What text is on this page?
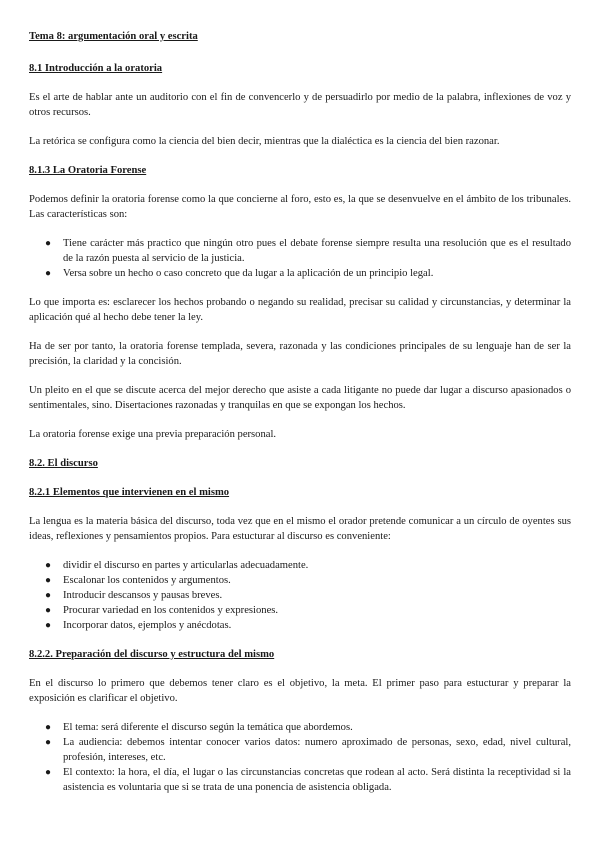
Tema 8: argumentación oral y escrita
8.1 Introducción a la oratoria
Es el arte de hablar ante un auditorio con el fin de convencerlo y de persuadirlo por medio de la palabra, inflexiones de voz y otros recursos.
La retórica se configura como la ciencia del bien decir, mientras que la dialéctica es la ciencia del bien razonar.
8.1.3 La Oratoria Forense
Podemos definir la oratoria forense como la que concierne al foro, esto es, la que se desenvuelve en el ámbito de los tribunales. Las características son:
● Tiene carácter más practico que ningún otro pues el debate forense siempre resulta una resolución que es el resultado de la razón puesta al servicio de la justicia.
● Versa sobre un hecho o caso concreto que da lugar a la aplicación de un principio legal.
Lo que importa es: esclarecer los hechos probando o negando su realidad, precisar su calidad y circunstancias, y determinar la aplicación qué al hecho debe tener la ley.
Ha de ser por tanto, la oratoria forense templada, severa, razonada y las condiciones principales de su lenguaje han de ser la precisión, la claridad y la concisión.
Un pleito en el que se discute acerca del mejor derecho que asiste a cada litigante no puede dar lugar a discurso apasionados o sentimentales, sino. Disertaciones razonadas y tranquilas en que se expongan los hechos.
La oratoria forense exige una previa preparación personal.
8.2. El discurso
8.2.1 Elementos que intervienen en el mismo
La lengua es la materia básica del discurso, toda vez que en el mismo el orador pretende comunicar a un círculo de oyentes sus ideas, reflexiones y pensamientos propios. Para estucturar al discurso es conveniente:
● dividir el discurso en partes y articularlas adecuadamente.
● Escalonar los contenidos y argumentos.
● Introducir descansos y pausas breves.
● Procurar variedad en los contenidos y expresiones.
● Incorporar datos, ejemplos y anécdotas.
8.2.2. Preparación del discurso y estructura del mismo
En el discurso lo primero que debemos tener claro es el objetivo, la meta. El primer paso para estucturar y preparar la exposición es clarificar el objetivo.
● El tema: será diferente el discurso según la temática que abordemos.
● La audiencia: debemos intentar conocer varios datos: numero aproximado de personas, sexo, edad, nivel cultural, profesión, intereses, etc.
● El contexto: la hora, el día, el lugar o las circunstancias concretas que rodean al acto. Será distinta la receptividad si la asistencia es voluntaria que si se trata de una ponencia de asistencia obligada.
